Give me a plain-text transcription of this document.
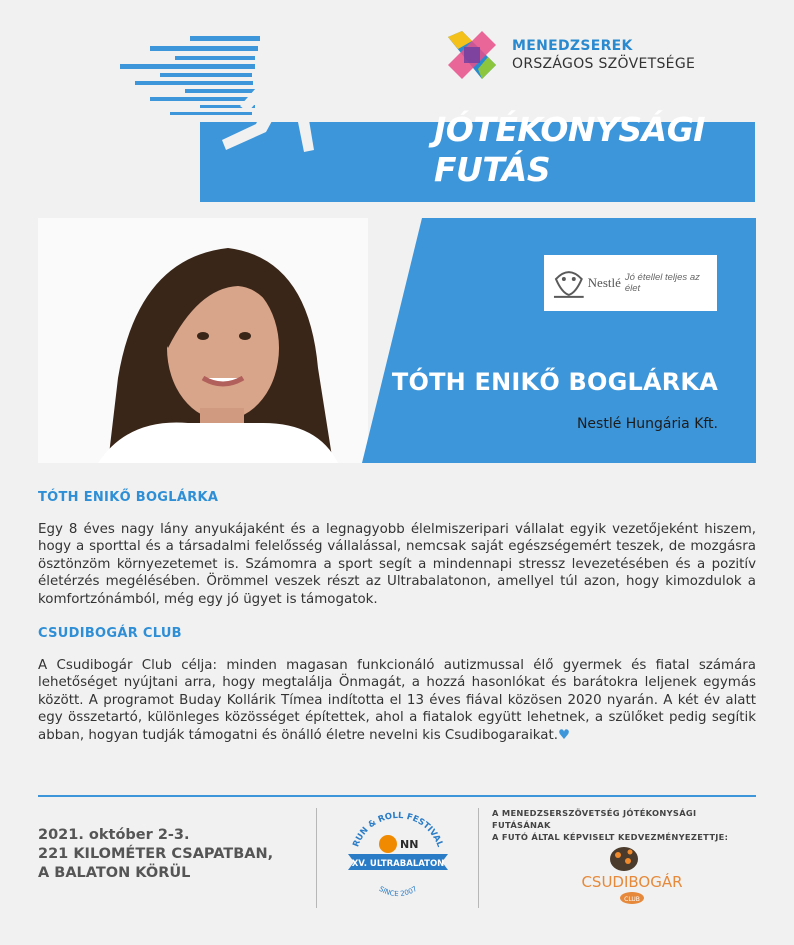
JÓTÉKONYSÁGI
FUTÁS
MENEDZSEREK
ORSZÁGOS SZÖVETSÉGE
Nestlé Jó étellel teljes az élet
TÓTH ENIKŐ BOGLÁRKA
Nestlé Hungária Kft.
TÓTH ENIKŐ BOGLÁRKA

Egy 8 éves nagy lány anyukájaként és a legnagyobb élelmiszeripari vállalat egyik vezetőjeként hiszem, hogy a sporttal és a társadalmi felelősség vállalással, nemcsak saját egészségemért teszek, de mozgásra ösztönzöm környezetemet is. Számomra a sport segít a mindennapi stressz levezetésében és a pozitív életérzés megélésében. Örömmel veszek részt az Ultrabalatonon, amellyel túl azon, hogy kimozdulok a komfortzónámból, még egy jó ügyet is támogatok.

CSUDIBOGÁR CLUB

A Csudibogár Club célja: minden magasan funkcionáló autizmussal élő gyermek és fiatal számára lehetőséget nyújtani arra, hogy megtalálja Önmagát, a hozzá hasonlókat és barátokra leljenek egymás között. A programot Buday Kollárik Tímea indította el 13 éves fiával közösen 2020 nyarán. A két év alatt egy összetartó, különleges közösséget építettek, ahol a fiatalok együtt lehetnek, a szülőket pedig segítik abban, hogyan tudják támogatni és önálló életre nevelni kis Csudibogaraikat.♥

2021. október 2-3.
221 KILOMÉTER CSAPATBAN,
A BALATON KÖRÜL
RUN & ROLL FESTIVAL
NN
XV. ULTRABALATON
SINCE 2007
A MENEDZSERSZÖVETSÉG JÓTÉKONYSÁGI FUTÁSÁNAK
A FUTÓ ÁLTAL KÉPVISELT KEDVEZMÉNYEZETTJE:
CSUDIBOGÁR
CLUB
